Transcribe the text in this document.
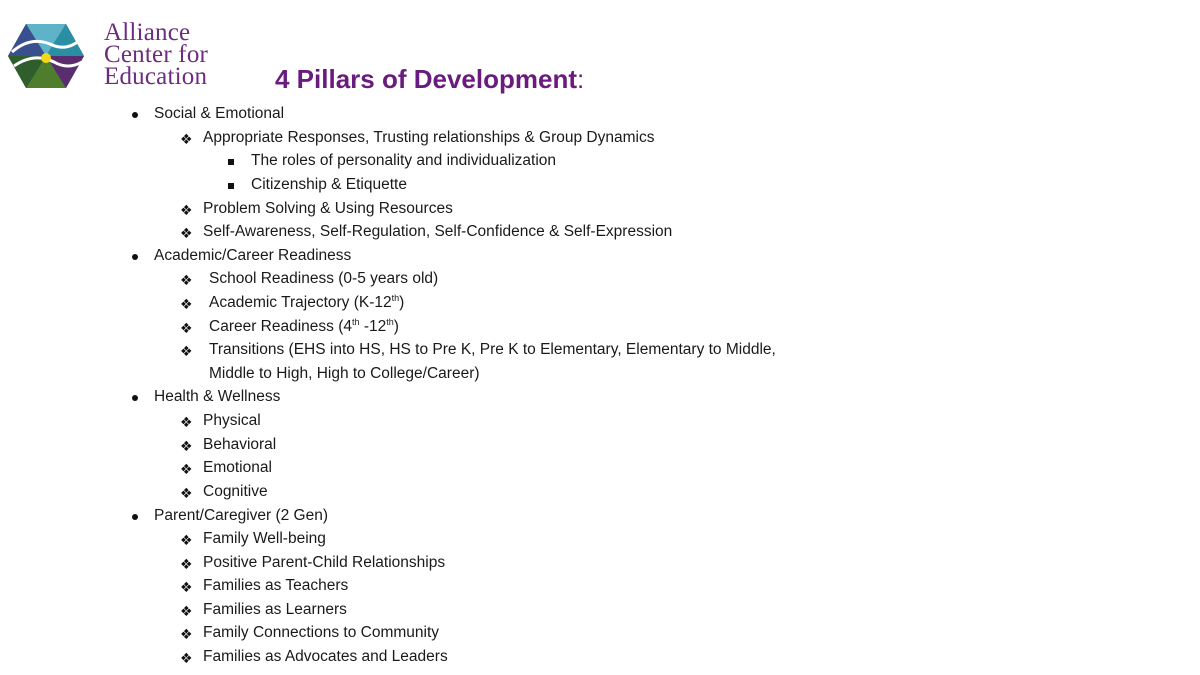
Alliance
Center for
Education	4 Pillars of Development:
Social & Emotional
❖ Appropriate Responses, Trusting relationships & Group Dynamics
The roles of personality and individualization
Citizenship & Etiquette
❖ Problem Solving & Using Resources
❖ Self-Awareness, Self-Regulation, Self-Confidence & Self-Expression
Academic/Career Readiness
❖ School Readiness (0-5 years old)
❖ Academic Trajectory (K-12th)
❖ Career Readiness (4th -12th)
❖ Transitions (EHS into HS, HS to Pre K, Pre K to Elementary, Elementary to Middle,
Middle to High, High to College/Career)
Health & Wellness
❖ Physical
❖ Behavioral
❖ Emotional
❖ Cognitive
Parent/Caregiver (2 Gen)
❖ Family Well-being
❖ Positive Parent-Child Relationships
❖ Families as Teachers
❖ Families as Learners
❖ Family Connections to Community
❖ Families as Advocates and Leaders
